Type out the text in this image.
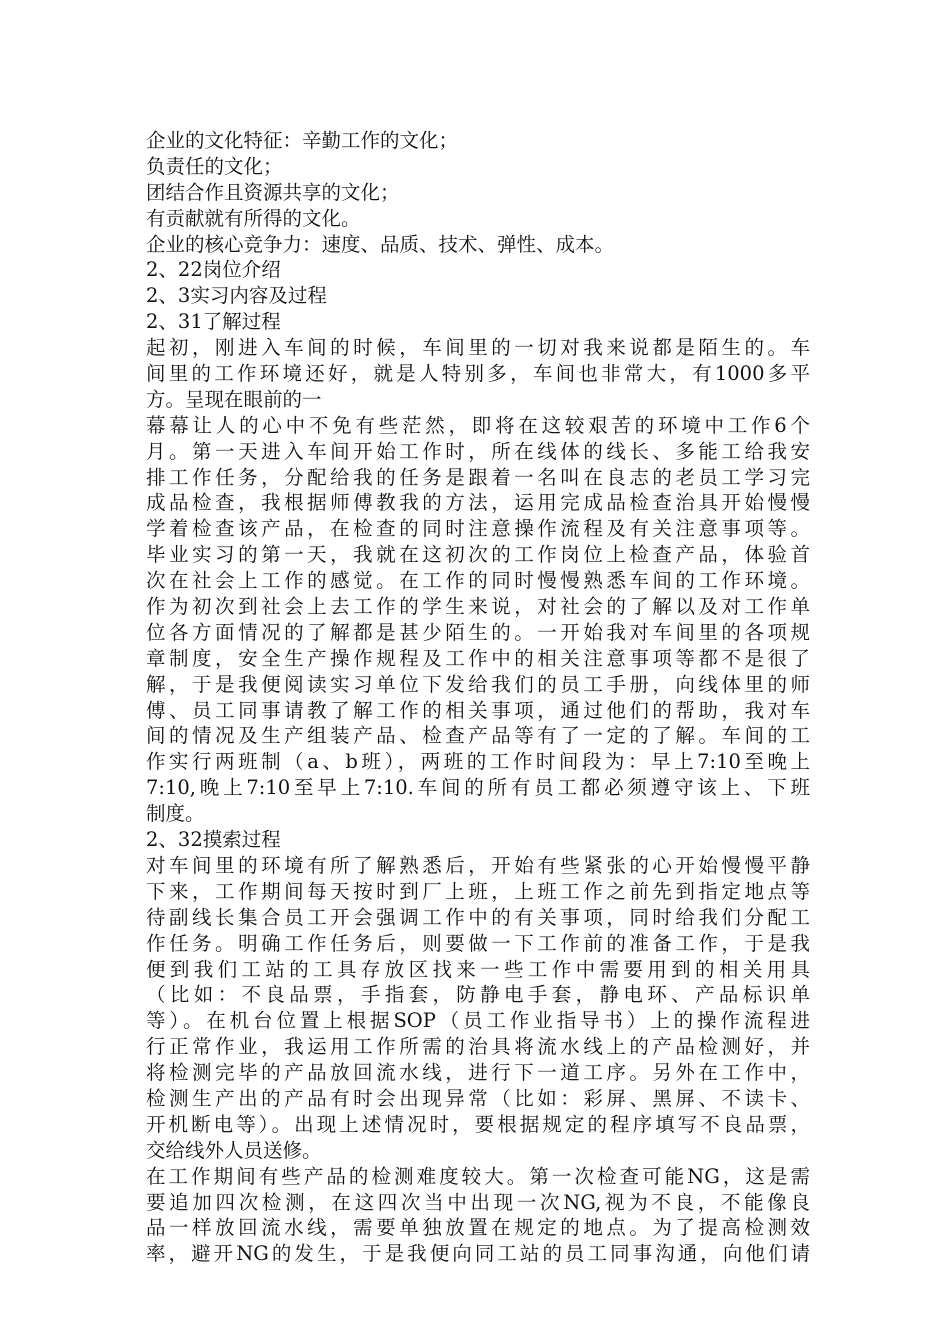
企业的文化特征：辛勤工作的文化；
负责任的文化；
团结合作且资源共享的文化；
有贡献就有所得的文化。
企业的核心竞争力：速度、品质、技术、弹性、成本。
2、22岗位介绍
2、3实习内容及过程
2、31了解过程
起初，刚进入车间的时候，车间里的一切对我来说都是陌生的。车
间里的工作环境还好，就是人特别多，车间也非常大，有1000多平
方。呈现在眼前的一
幕幕让人的心中不免有些茫然，即将在这较艰苦的环境中工作6个
月。第一天进入车间开始工作时，所在线体的线长、多能工给我安
排工作任务，分配给我的任务是跟着一名叫在良志的老员工学习完
成品检查，我根据师傅教我的方法，运用完成品检查治具开始慢慢
学着检查该产品，在检查的同时注意操作流程及有关注意事项等。
毕业实习的第一天，我就在这初次的工作岗位上检查产品，体验首
次在社会上工作的感觉。在工作的同时慢慢熟悉车间的工作环境。
作为初次到社会上去工作的学生来说，对社会的了解以及对工作单
位各方面情况的了解都是甚少陌生的。一开始我对车间里的各项规
章制度，安全生产操作规程及工作中的相关注意事项等都不是很了
解，于是我便阅读实习单位下发给我们的员工手册，向线体里的师
傅、员工同事请教了解工作的相关事项，通过他们的帮助，我对车
间的情况及生产组装产品、检查产品等有了一定的了解。车间的工
作实行两班制（a、b班），两班的工作时间段为：早上7:10至晚上
7:10,晚上7:10至早上7:10.车间的所有员工都必须遵守该上、下班
制度。
2、32摸索过程
对车间里的环境有所了解熟悉后，开始有些紧张的心开始慢慢平静
下来，工作期间每天按时到厂上班，上班工作之前先到指定地点等
待副线长集合员工开会强调工作中的有关事项，同时给我们分配工
作任务。明确工作任务后，则要做一下工作前的准备工作，于是我
便到我们工站的工具存放区找来一些工作中需要用到的相关用具
（比如：不良品票，手指套，防静电手套，静电环、产品标识单
等）。在机台位置上根据SOP（员工作业指导书）上的操作流程进
行正常作业，我运用工作所需的治具将流水线上的产品检测好，并
将检测完毕的产品放回流水线，进行下一道工序。另外在工作中，
检测生产出的产品有时会出现异常（比如：彩屏、黑屏、不读卡、
开机断电等）。出现上述情况时，要根据规定的程序填写不良品票，
交给线外人员送修。
在工作期间有些产品的检测难度较大。第一次检查可能NG，这是需
要追加四次检测，在这四次当中出现一次NG,视为不良，不能像良
品一样放回流水线，需要单独放置在规定的地点。为了提高检测效
率，避开NG的发生，于是我便向同工站的员工同事沟通，向他们请
